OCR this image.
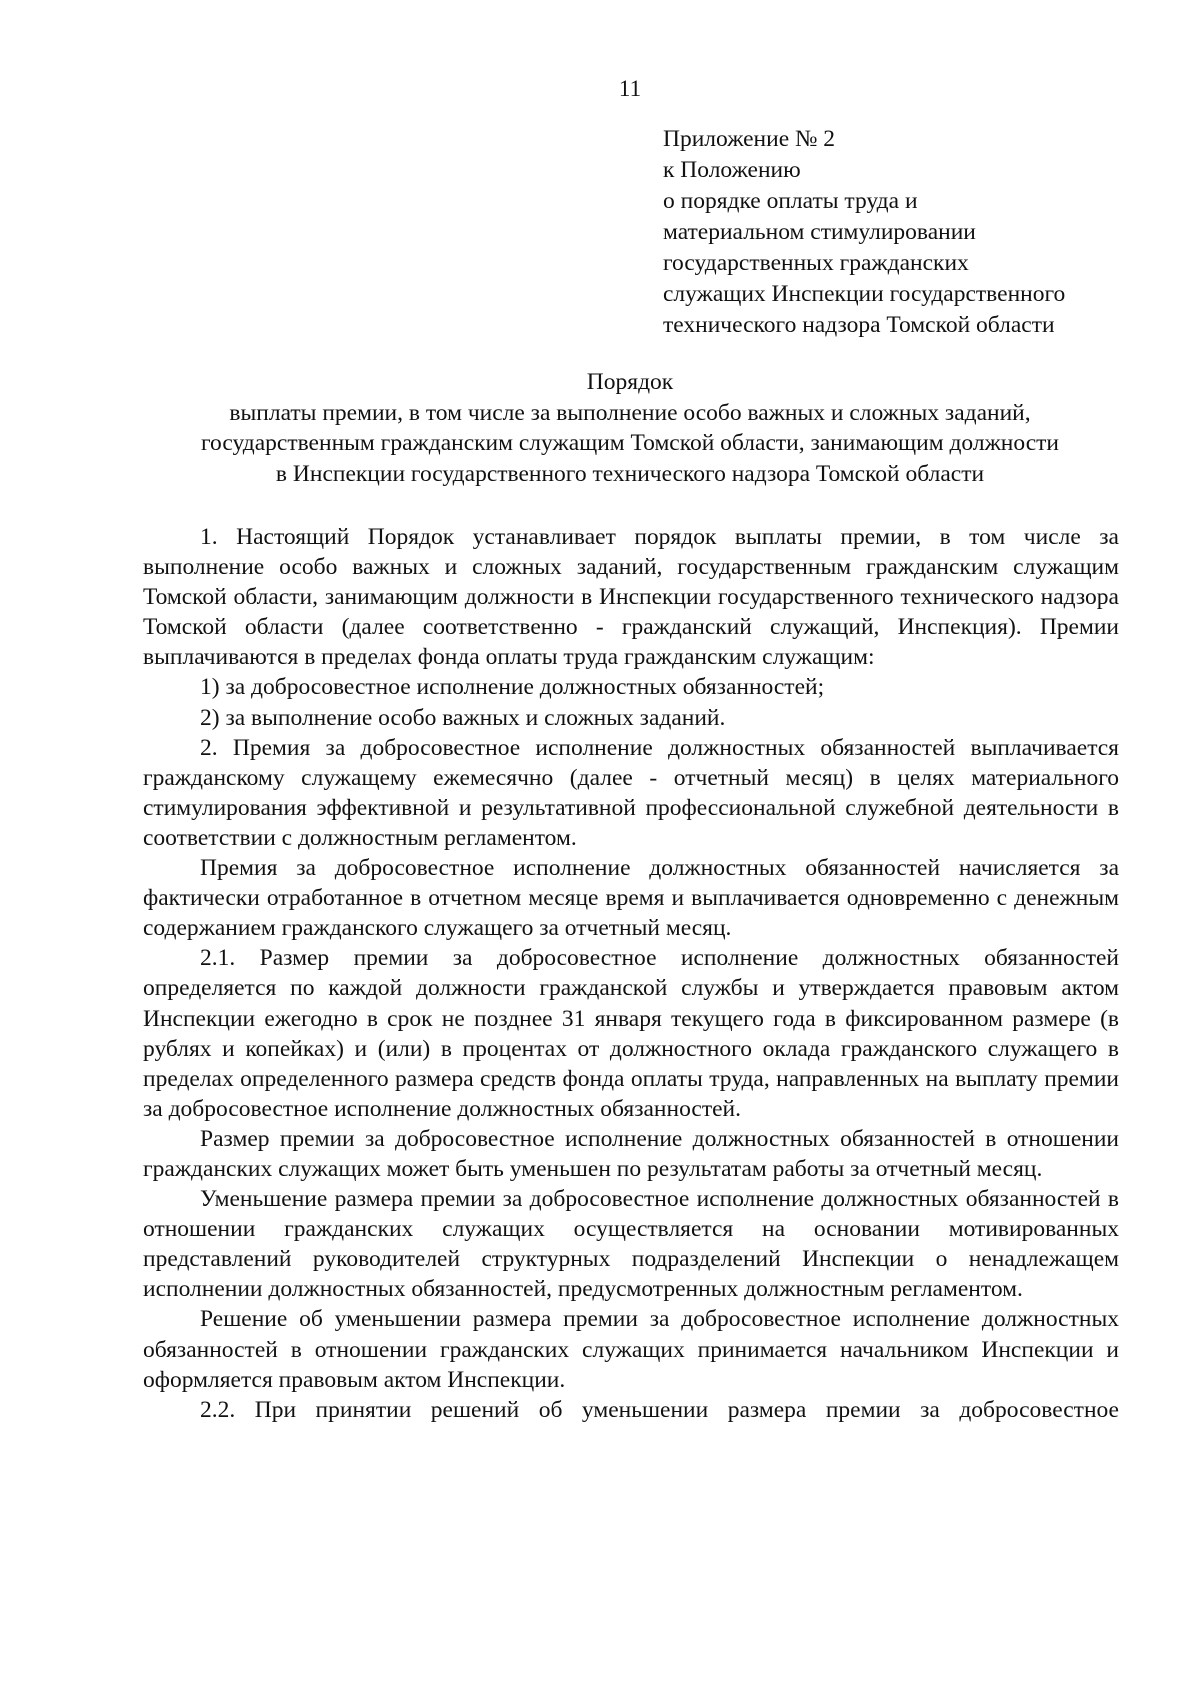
11
Приложение № 2
к Положению
о порядке оплаты труда и
материальном стимулировании
государственных гражданских
служащих Инспекции государственного
технического надзора Томской области
Порядок
выплаты премии, в том числе за выполнение особо важных и сложных заданий,
государственным гражданским служащим Томской области, занимающим должности
в Инспекции государственного технического надзора Томской области

1. Настоящий Порядок устанавливает порядок выплаты премии, в том числе за выполнение особо важных и сложных заданий, государственным гражданским служащим Томской области, занимающим должности в Инспекции государственного технического надзора Томской области (далее соответственно - гражданский служащий, Инспекция). Премии выплачиваются в пределах фонда оплаты труда гражданским служащим:

1) за добросовестное исполнение должностных обязанностей;

2) за выполнение особо важных и сложных заданий.

2. Премия за добросовестное исполнение должностных обязанностей выплачивается гражданскому служащему ежемесячно (далее - отчетный месяц) в целях материального стимулирования эффективной и результативной профессиональной служебной деятельности в соответствии с должностным регламентом.

Премия за добросовестное исполнение должностных обязанностей начисляется за фактически отработанное в отчетном месяце время и выплачивается одновременно с денежным содержанием гражданского служащего за отчетный месяц.

2.1. Размер премии за добросовестное исполнение должностных обязанностей определяется по каждой должности гражданской службы и утверждается правовым актом Инспекции ежегодно в срок не позднее 31 января текущего года в фиксированном размере (в рублях и копейках) и (или) в процентах от должностного оклада гражданского служащего в пределах определенного размера средств фонда оплаты труда, направленных на выплату премии за добросовестное исполнение должностных обязанностей.

Размер премии за добросовестное исполнение должностных обязанностей в отношении гражданских служащих может быть уменьшен по результатам работы за отчетный месяц.

Уменьшение размера премии за добросовестное исполнение должностных обязанностей в отношении гражданских служащих осуществляется на основании мотивированных представлений руководителей структурных подразделений Инспекции о ненадлежащем исполнении должностных обязанностей, предусмотренных должностным регламентом.

Решение об уменьшении размера премии за добросовестное исполнение должностных обязанностей в отношении гражданских служащих принимается начальником Инспекции и оформляется правовым актом Инспекции.

2.2. При принятии решений об уменьшении размера премии за добросовестное
